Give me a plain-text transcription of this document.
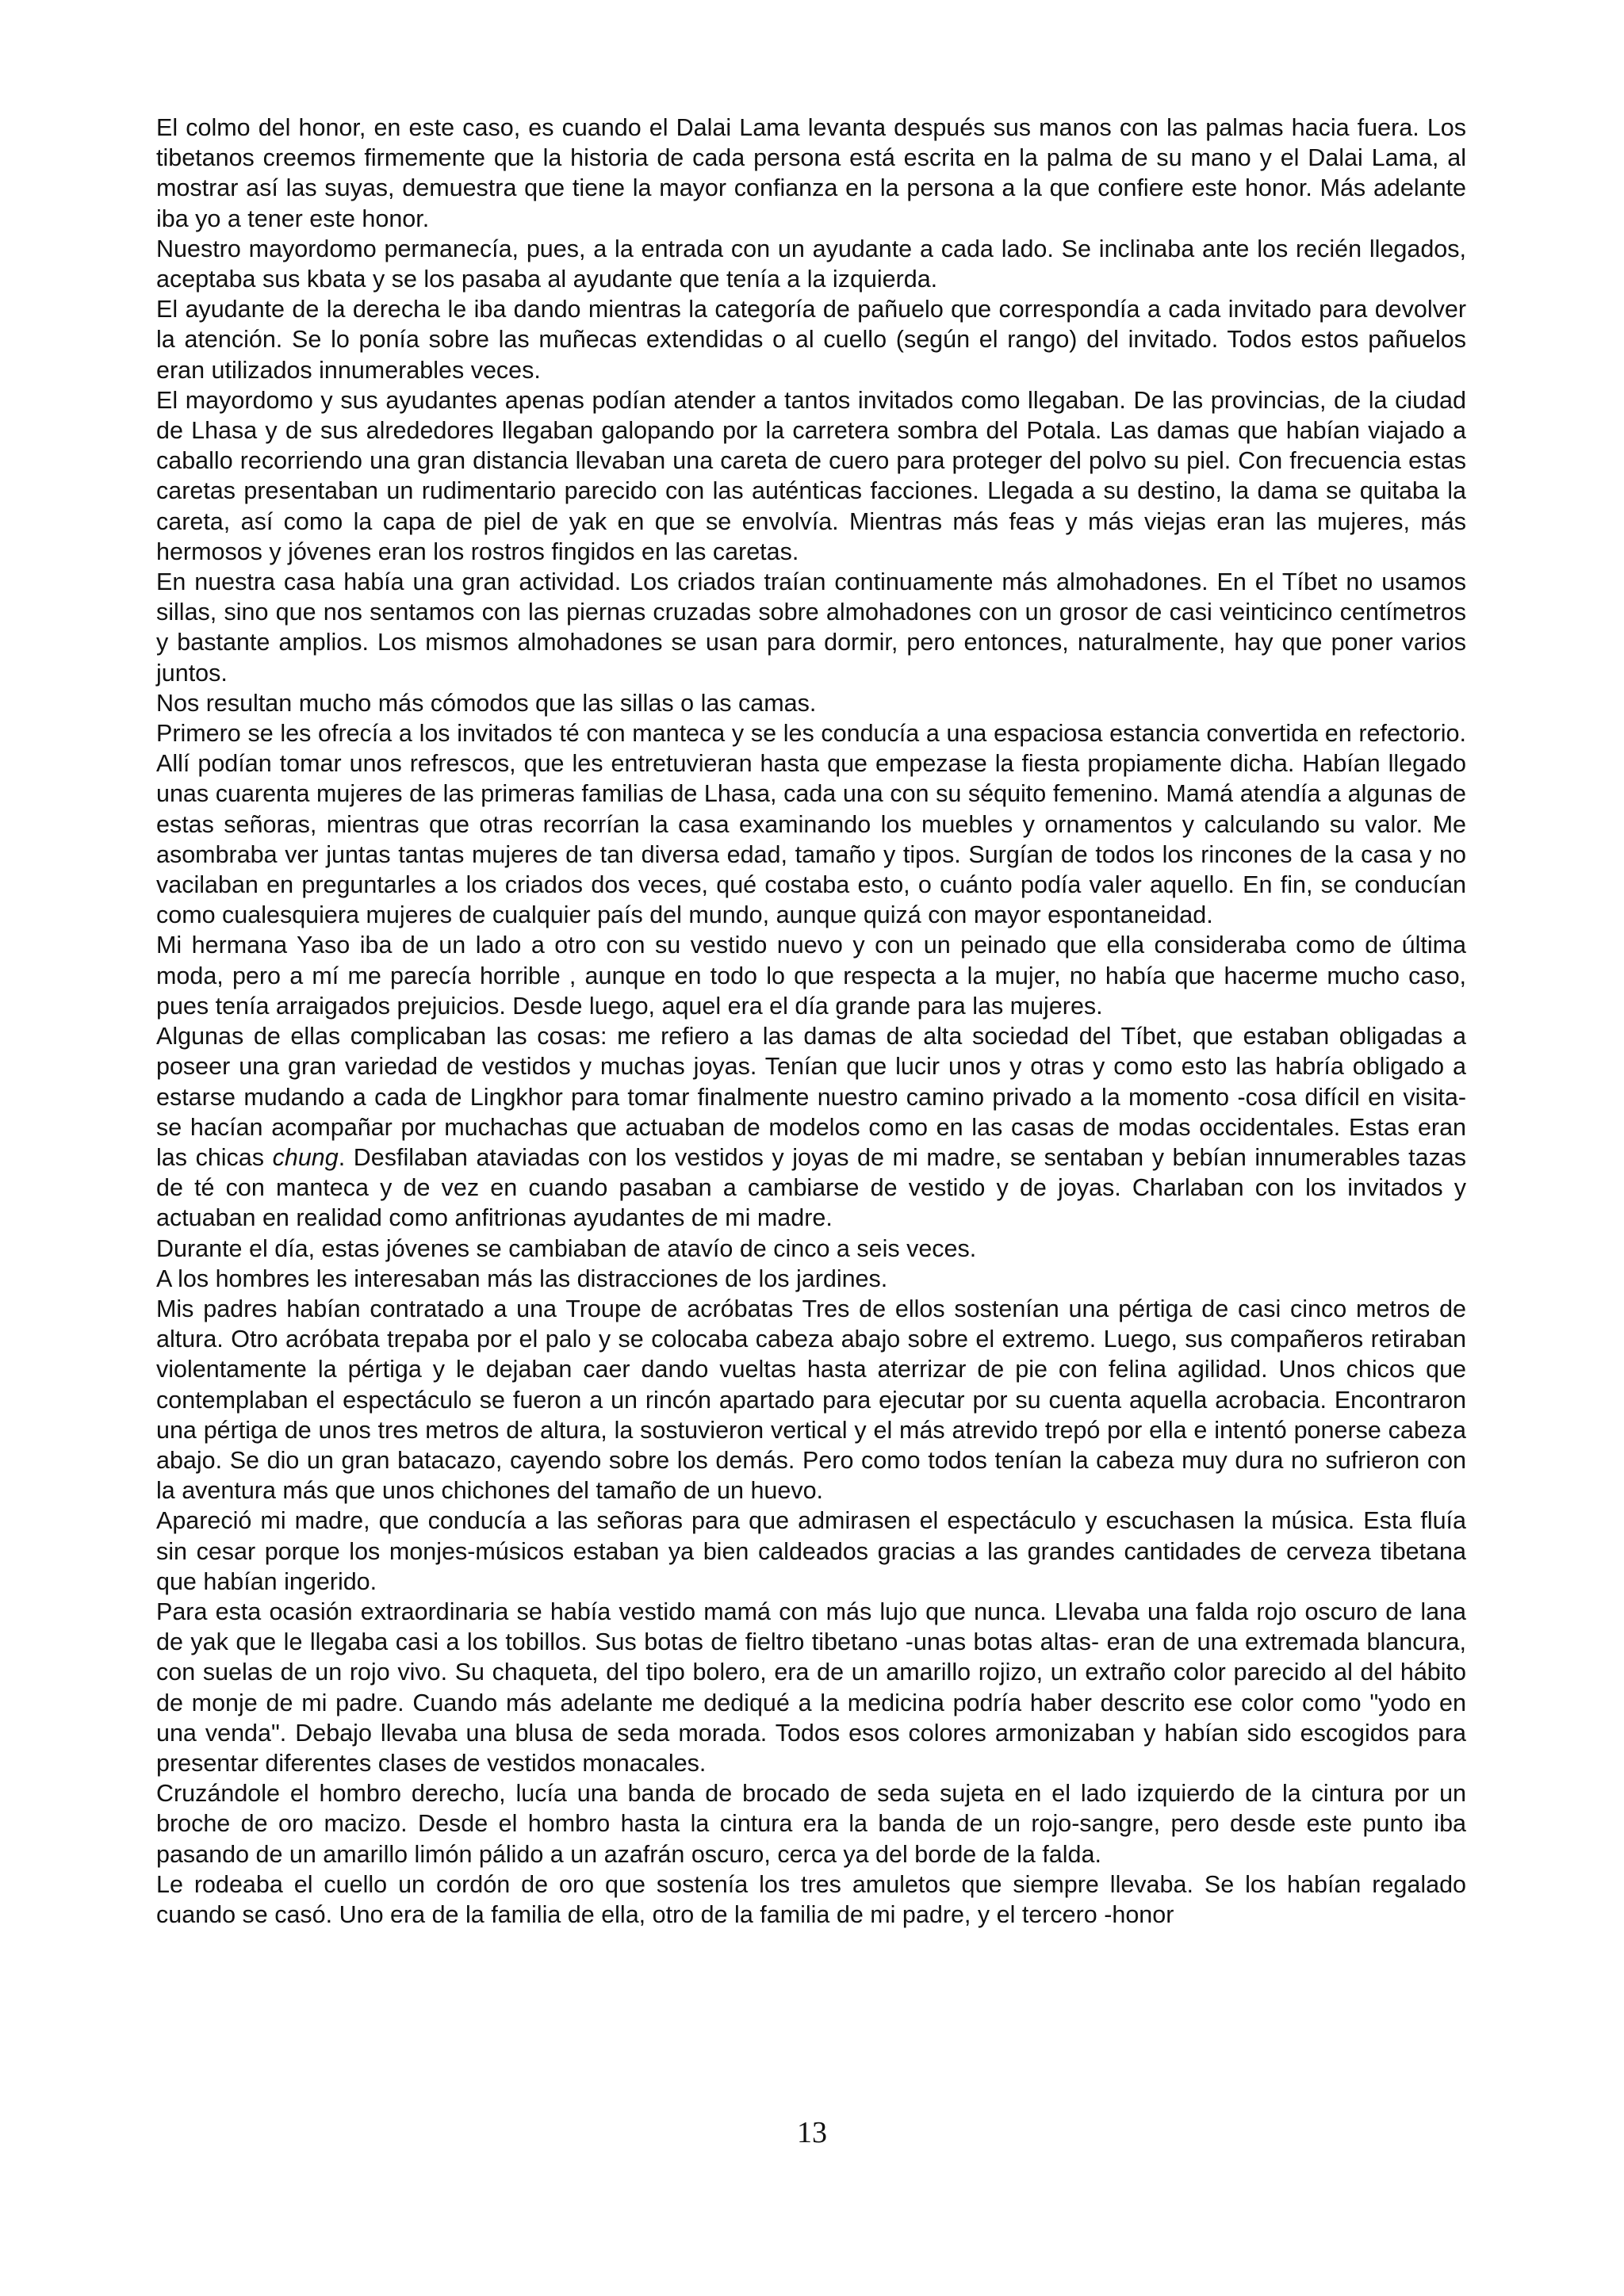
El colmo del honor, en este caso, es cuando el Dalai Lama levanta después sus manos con las palmas hacia fuera. Los tibetanos creemos firmemente que la historia de cada persona está escrita en la palma de su mano y el Dalai Lama, al mostrar así las suyas, demuestra que tiene la mayor confianza en la persona a la que confiere este honor. Más adelante iba yo a tener este honor.

Nuestro mayordomo permanecía, pues, a la entrada con un ayudante a cada lado. Se inclinaba ante los recién llegados, aceptaba sus kbata y se los pasaba al ayudante que tenía a la izquierda.

El ayudante de la derecha le iba dando mientras la categoría de pañuelo que correspondía a cada invitado para devolver la atención. Se lo ponía sobre las muñecas extendidas o al cuello (según el rango) del invitado. Todos estos pañuelos eran utilizados innumerables veces.

El mayordomo y sus ayudantes apenas podían atender a tantos invitados como llegaban. De las provincias, de la ciudad de Lhasa y de sus alrededores llegaban galopando por la carretera sombra del Potala. Las damas que habían viajado a caballo recorriendo una gran distancia llevaban una careta de cuero para proteger del polvo su piel. Con frecuencia estas caretas presentaban un rudimentario parecido con las auténticas facciones. Llegada a su destino, la dama se quitaba la careta, así como la capa de piel de yak en que se envolvía. Mientras más feas y más viejas eran las mujeres, más hermosos y jóvenes eran los rostros fingidos en las caretas.

En nuestra casa había una gran actividad. Los criados traían continuamente más almohadones. En el Tíbet no usamos sillas, sino que nos sentamos con las piernas cruzadas sobre almohadones con un grosor de casi veinticinco centímetros y bastante amplios. Los mismos almohadones se usan para dormir, pero entonces, naturalmente, hay que poner varios juntos.

Nos resultan mucho más cómodos que las sillas o las camas.

Primero se les ofrecía a los invitados té con manteca y se les conducía a una espaciosa estancia convertida en refectorio. Allí podían tomar unos refrescos, que les entretuvieran hasta que empezase la fiesta propiamente dicha. Habían llegado unas cuarenta mujeres de las primeras familias de Lhasa, cada una con su séquito femenino. Mamá atendía a algunas de estas señoras, mientras que otras recorrían la casa examinando los muebles y ornamentos y calculando su valor. Me asombraba ver juntas tantas mujeres de tan diversa edad, tamaño y tipos. Surgían de todos los rincones de la casa y no vacilaban en preguntarles a los criados dos veces, qué costaba esto, o cuánto podía valer aquello. En fin, se conducían como cualesquiera mujeres de cualquier país del mundo, aunque quizá con mayor espontaneidad.

Mi hermana Yaso iba de un lado a otro con su vestido nuevo y con un peinado que ella consideraba como de última moda, pero a mí me parecía horrible , aunque en todo lo que respecta a la mujer, no había que hacerme mucho caso, pues tenía arraigados prejuicios. Desde luego, aquel era el día grande para las mujeres.

Algunas de ellas complicaban las cosas: me refiero a las damas de alta sociedad del Tíbet, que estaban obligadas a poseer una gran variedad de vestidos y muchas joyas. Tenían que lucir unos y otras y como esto las habría obligado a estarse mudando a cada de Lingkhor para tomar finalmente nuestro camino privado a la momento -cosa difícil en visita- se hacían acompañar por muchachas que actuaban de modelos como en las casas de modas occidentales. Estas eran las chicas chung. Desfilaban ataviadas con los vestidos y joyas de mi madre, se sentaban y bebían innumerables tazas de té con manteca y de vez en cuando pasaban a cambiarse de vestido y de joyas. Charlaban con los invitados y actuaban en realidad como anfitrionas ayudantes de mi madre.

Durante el día, estas jóvenes se cambiaban de atavío de cinco a seis veces.

A los hombres les interesaban más las distracciones de los jardines.

Mis padres habían contratado a una Troupe de acróbatas Tres de ellos sostenían una pértiga de casi cinco metros de altura. Otro acróbata trepaba por el palo y se colocaba cabeza abajo sobre el extremo. Luego, sus compañeros retiraban violentamente la pértiga y le dejaban caer dando vueltas hasta aterrizar de pie con felina agilidad. Unos chicos que contemplaban el espectáculo se fueron a un rincón apartado para ejecutar por su cuenta aquella acrobacia. Encontraron una pértiga de unos tres metros de altura, la sostuvieron vertical y el más atrevido trepó por ella e intentó ponerse cabeza abajo. Se dio un gran batacazo, cayendo sobre los demás. Pero como todos tenían la cabeza muy dura no sufrieron con la aventura más que unos chichones del tamaño de un huevo.

Apareció mi madre, que conducía a las señoras para que admirasen el espectáculo y escuchasen la música. Esta fluía sin cesar porque los monjes-músicos estaban ya bien caldeados gracias a las grandes cantidades de cerveza tibetana que habían ingerido.

Para esta ocasión extraordinaria se había vestido mamá con más lujo que nunca. Llevaba una falda rojo oscuro de lana de yak que le llegaba casi a los tobillos. Sus botas de fieltro tibetano -unas botas altas- eran de una extremada blancura, con suelas de un rojo vivo. Su chaqueta, del tipo bolero, era de un amarillo rojizo, un extraño color parecido al del hábito de monje de mi padre. Cuando más adelante me dediqué a la medicina podría haber descrito ese color como "yodo en una venda". Debajo llevaba una blusa de seda morada. Todos esos colores armonizaban y habían sido escogidos para presentar diferentes clases de vestidos monacales.

Cruzándole el hombro derecho, lucía una banda de brocado de seda sujeta en el lado izquierdo de la cintura por un broche de oro macizo. Desde el hombro hasta la cintura era la banda de un rojo-sangre, pero desde este punto iba pasando de un amarillo limón pálido a un azafrán oscuro, cerca ya del borde de la falda.

Le rodeaba el cuello un cordón de oro que sostenía los tres amuletos que siempre llevaba. Se los habían regalado cuando se casó. Uno era de la familia de ella, otro de la familia de mi padre, y el tercero -honor

13
